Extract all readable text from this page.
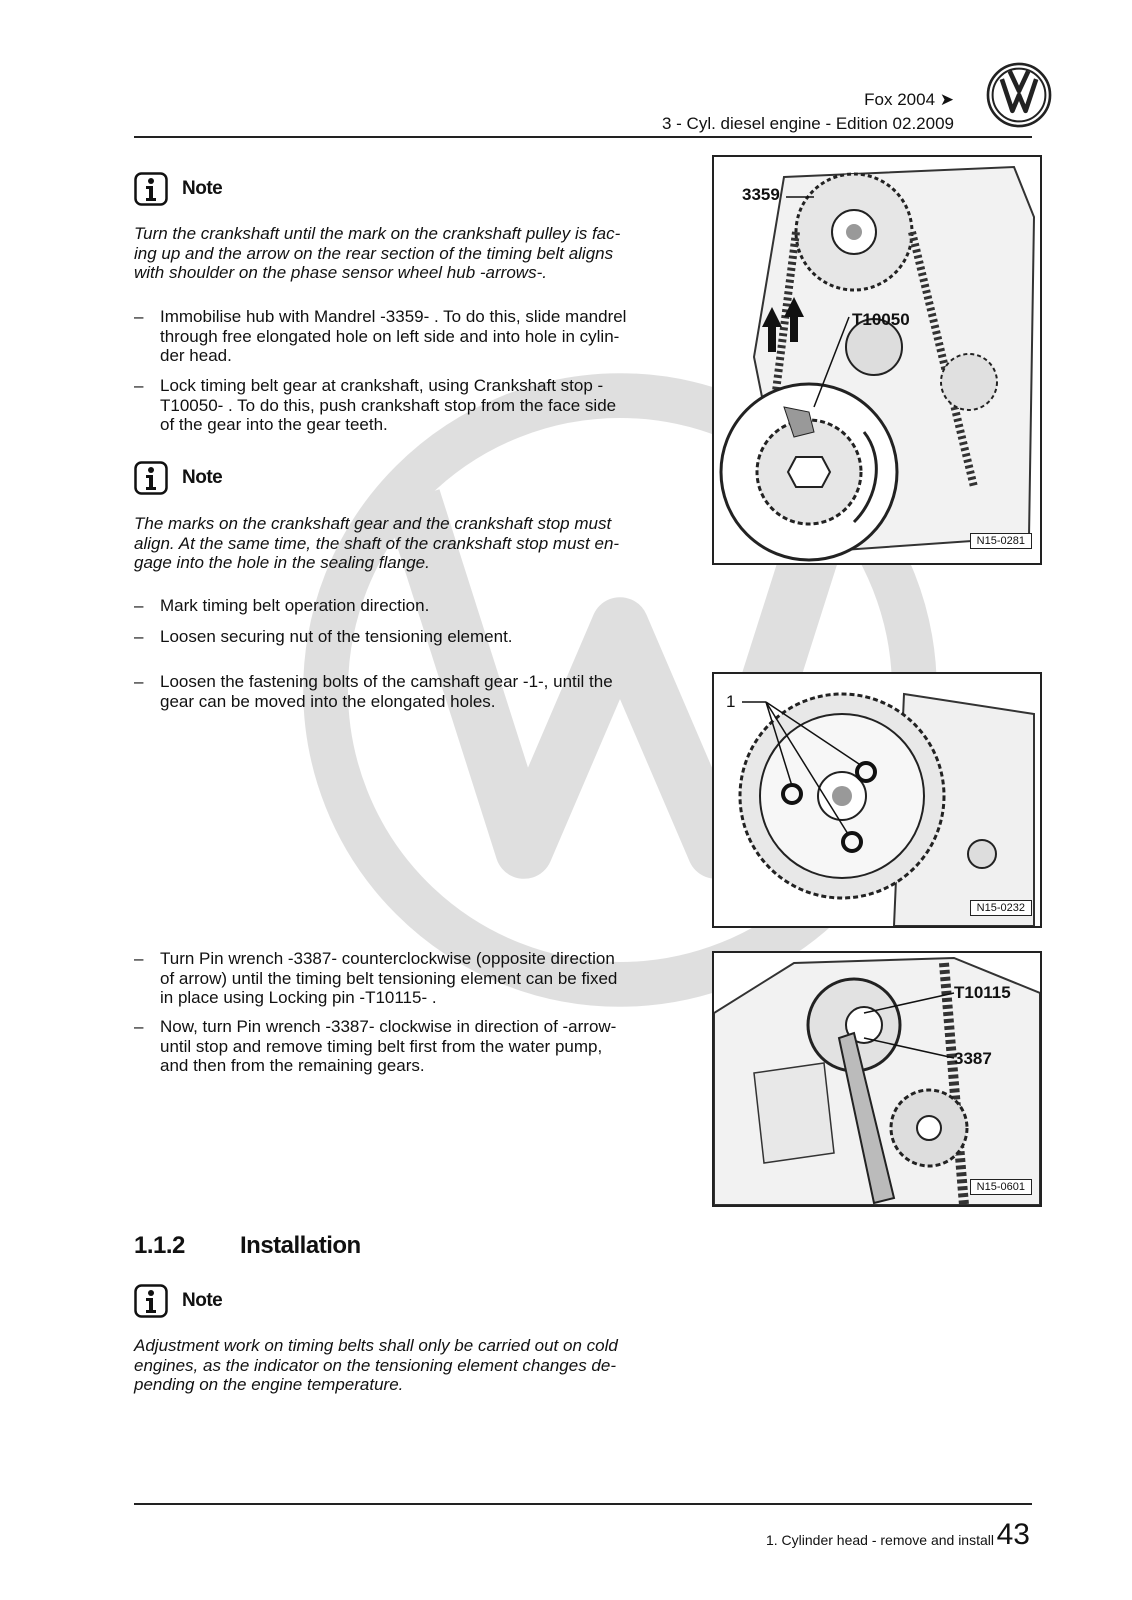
Fox 2004 ➤
3 - Cyl. diesel engine - Edition 02.2009
Note
Turn the crankshaft until the mark on the crankshaft pulley is fac-
ing up and the arrow on the rear section of the timing belt aligns
with shoulder on the phase sensor wheel hub -arrows-.
– Immobilise hub with Mandrel -3359- . To do this, slide mandrel
through free elongated hole on left side and into hole in cylin-
der head.
– Lock timing belt gear at crankshaft, using Crankshaft stop -
T10050- . To do this, push crankshaft stop from the face side
of the gear into the gear teeth.
Note
The marks on the crankshaft gear and the crankshaft stop must
align. At the same time, the shaft of the crankshaft stop must en-
gage into the hole in the sealing flange.
– Mark timing belt operation direction.
– Loosen securing nut of the tensioning element.
– Loosen the fastening bolts of the camshaft gear -1-, until the
gear can be moved into the elongated holes.
– Turn Pin wrench -3387- counterclockwise (opposite direction
of arrow) until the timing belt tensioning element can be fixed
in place using Locking pin -T10115- .
– Now, turn Pin wrench -3387- clockwise in direction of -arrow-
until stop and remove timing belt first from the water pump,
and then from the remaining gears.
3359
T10050
N15-0281
1
N15-0232
T10115
3387
N15-0601
1.1.2 Installation
Note
Adjustment work on timing belts shall only be carried out on cold
engines, as the indicator on the tensioning element changes de-
pending on the engine temperature.
1. Cylinder head - remove and install 43
